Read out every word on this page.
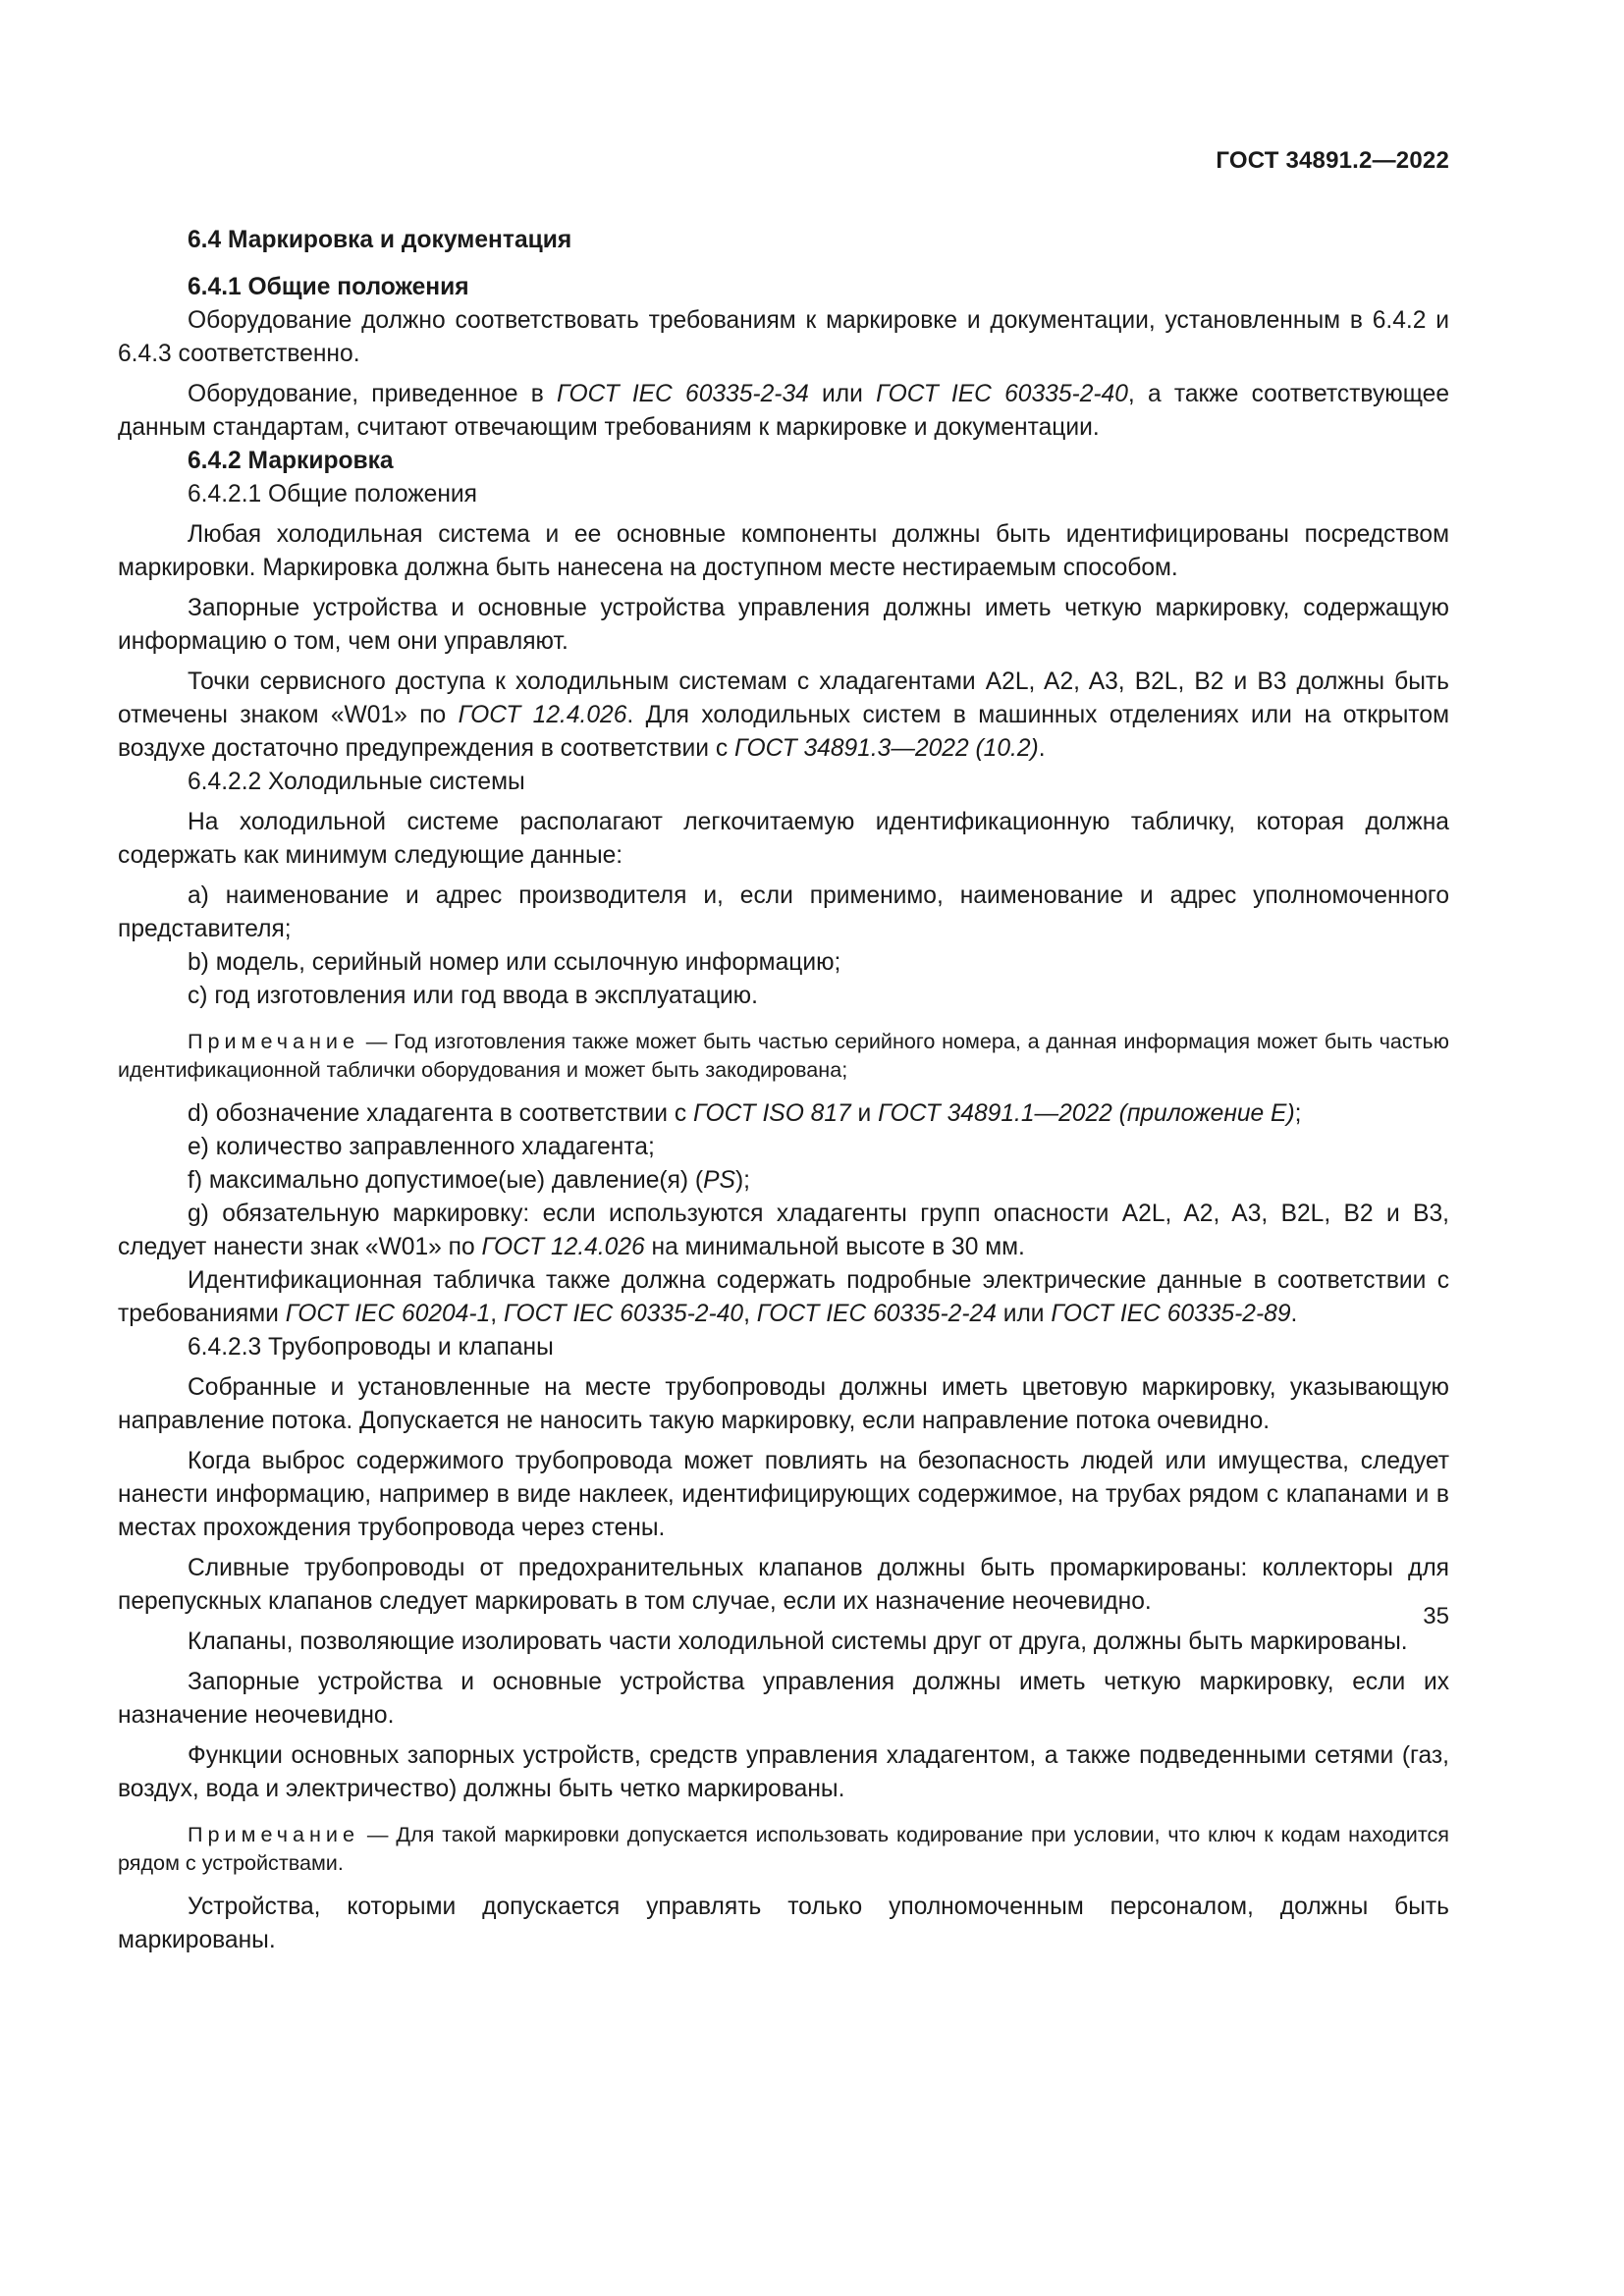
ГОСТ 34891.2—2022

6.4 Маркировка и документация

6.4.1 Общие положения

Оборудование должно соответствовать требованиям к маркировке и документации, установленным в 6.4.2 и 6.4.3 соответственно.

Оборудование, приведенное в ГОСТ IEC 60335-2-34 или ГОСТ IEC 60335-2-40, а также соответствующее данным стандартам, считают отвечающим требованиям к маркировке и документации.

6.4.2 Маркировка

6.4.2.1 Общие положения

Любая холодильная система и ее основные компоненты должны быть идентифицированы посредством маркировки. Маркировка должна быть нанесена на доступном месте нестираемым способом.

Запорные устройства и основные устройства управления должны иметь четкую маркировку, содержащую информацию о том, чем они управляют.

Точки сервисного доступа к холодильным системам с хладагентами A2L, A2, A3, B2L, B2 и B3 должны быть отмечены знаком «W01» по ГОСТ 12.4.026. Для холодильных систем в машинных отделениях или на открытом воздухе достаточно предупреждения в соответствии с ГОСТ 34891.3—2022 (10.2).

6.4.2.2 Холодильные системы

На холодильной системе располагают легкочитаемую идентификационную табличку, которая должна содержать как минимум следующие данные:

a) наименование и адрес производителя и, если применимо, наименование и адрес уполномоченного представителя;

b) модель, серийный номер или ссылочную информацию;

c) год изготовления или год ввода в эксплуатацию.

Примечание — Год изготовления также может быть частью серийного номера, а данная информация может быть частью идентификационной таблички оборудования и может быть закодирована;

d) обозначение хладагента в соответствии с ГОСТ ISO 817 и ГОСТ 34891.1—2022 (приложение Е);

e) количество заправленного хладагента;

f) максимально допустимое(ые) давление(я) (PS);

g) обязательную маркировку: если используются хладагенты групп опасности A2L, A2, A3, B2L, B2 и B3, следует нанести знак «W01» по ГОСТ 12.4.026 на минимальной высоте в 30 мм.

Идентификационная табличка также должна содержать подробные электрические данные в соответствии с требованиями ГОСТ IEC 60204-1, ГОСТ IEC 60335-2-40, ГОСТ IEC 60335-2-24 или ГОСТ IEC 60335-2-89.

6.4.2.3 Трубопроводы и клапаны

Собранные и установленные на месте трубопроводы должны иметь цветовую маркировку, указывающую направление потока. Допускается не наносить такую маркировку, если направление потока очевидно.

Когда выброс содержимого трубопровода может повлиять на безопасность людей или имущества, следует нанести информацию, например в виде наклеек, идентифицирующих содержимое, на трубах рядом с клапанами и в местах прохождения трубопровода через стены.

Сливные трубопроводы от предохранительных клапанов должны быть промаркированы: коллекторы для перепускных клапанов следует маркировать в том случае, если их назначение неочевидно.

Клапаны, позволяющие изолировать части холодильной системы друг от друга, должны быть маркированы.

Запорные устройства и основные устройства управления должны иметь четкую маркировку, если их назначение неочевидно.

Функции основных запорных устройств, средств управления хладагентом, а также подведенными сетями (газ, воздух, вода и электричество) должны быть четко маркированы.

Примечание — Для такой маркировки допускается использовать кодирование при условии, что ключ к кодам находится рядом с устройствами.

Устройства, которыми допускается управлять только уполномоченным персоналом, должны быть маркированы.

35
